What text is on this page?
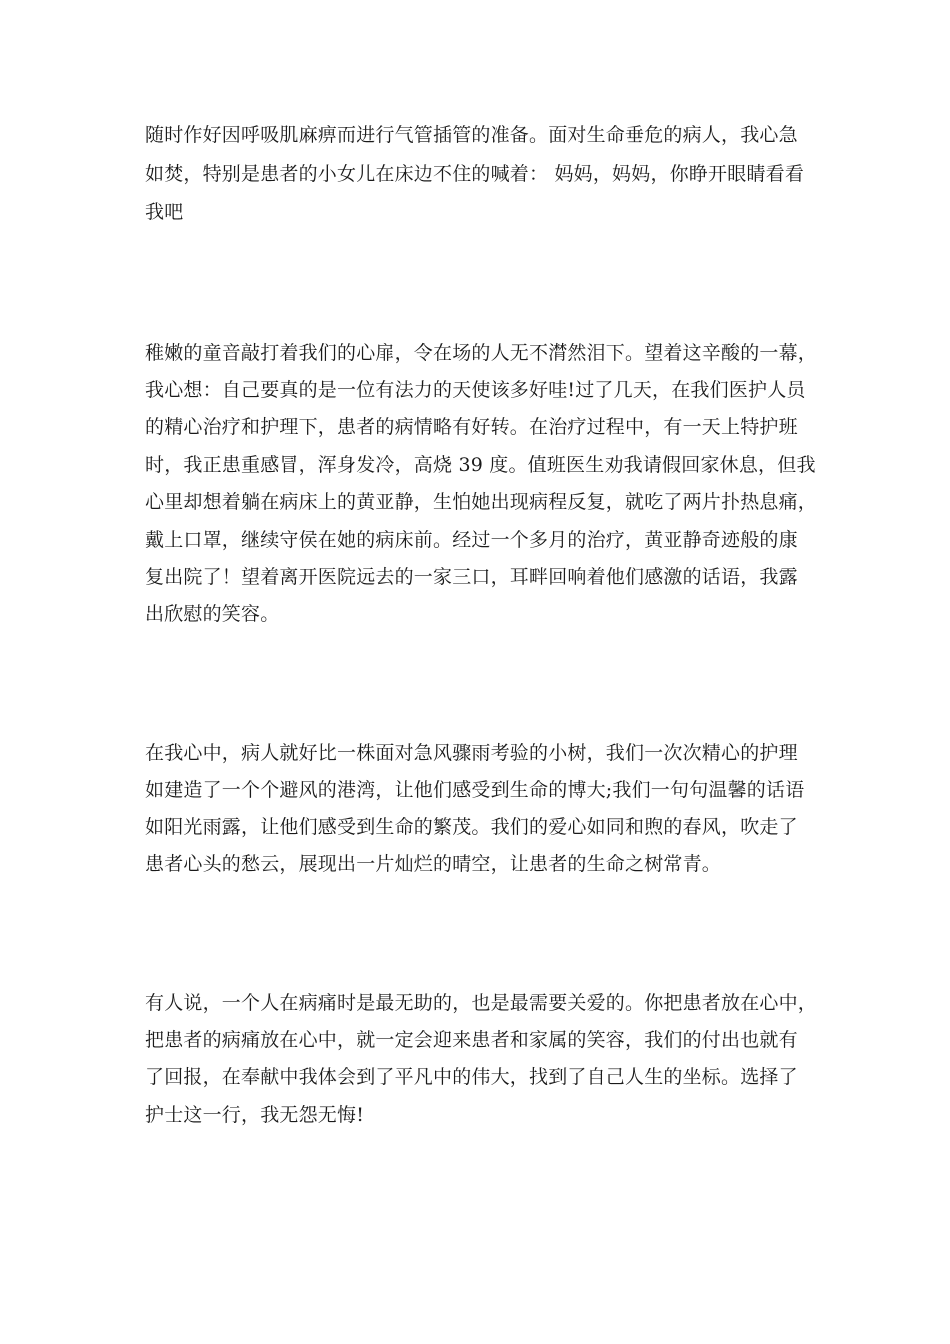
随时作好因呼吸肌麻痹而进行气管插管的准备。面对生命垂危的病人，我心急
如焚，特别是患者的小女儿在床边不住的喊着： 妈妈，妈妈，你睁开眼睛看看
我吧
稚嫩的童音敲打着我们的心扉，令在场的人无不潸然泪下。望着这辛酸的一幕，
我心想：自己要真的是一位有法力的天使该多好哇!过了几天，在我们医护人员
的精心治疗和护理下，患者的病情略有好转。在治疗过程中，有一天上特护班
时，我正患重感冒，浑身发冷，高烧 39 度。值班医生劝我请假回家休息，但我
心里却想着躺在病床上的黄亚静，生怕她出现病程反复，就吃了两片扑热息痛，
戴上口罩，继续守侯在她的病床前。经过一个多月的治疗，黄亚静奇迹般的康
复出院了！望着离开医院远去的一家三口，耳畔回响着他们感激的话语，我露
出欣慰的笑容。
在我心中，病人就好比一株面对急风骤雨考验的小树，我们一次次精心的护理
如建造了一个个避风的港湾，让他们感受到生命的博大;我们一句句温馨的话语
如阳光雨露，让他们感受到生命的繁茂。我们的爱心如同和煦的春风，吹走了
患者心头的愁云，展现出一片灿烂的晴空，让患者的生命之树常青。
有人说，一个人在病痛时是最无助的，也是最需要关爱的。你把患者放在心中，
把患者的病痛放在心中，就一定会迎来患者和家属的笑容，我们的付出也就有
了回报，在奉献中我体会到了平凡中的伟大，找到了自己人生的坐标。选择了
护士这一行，我无怨无悔!
